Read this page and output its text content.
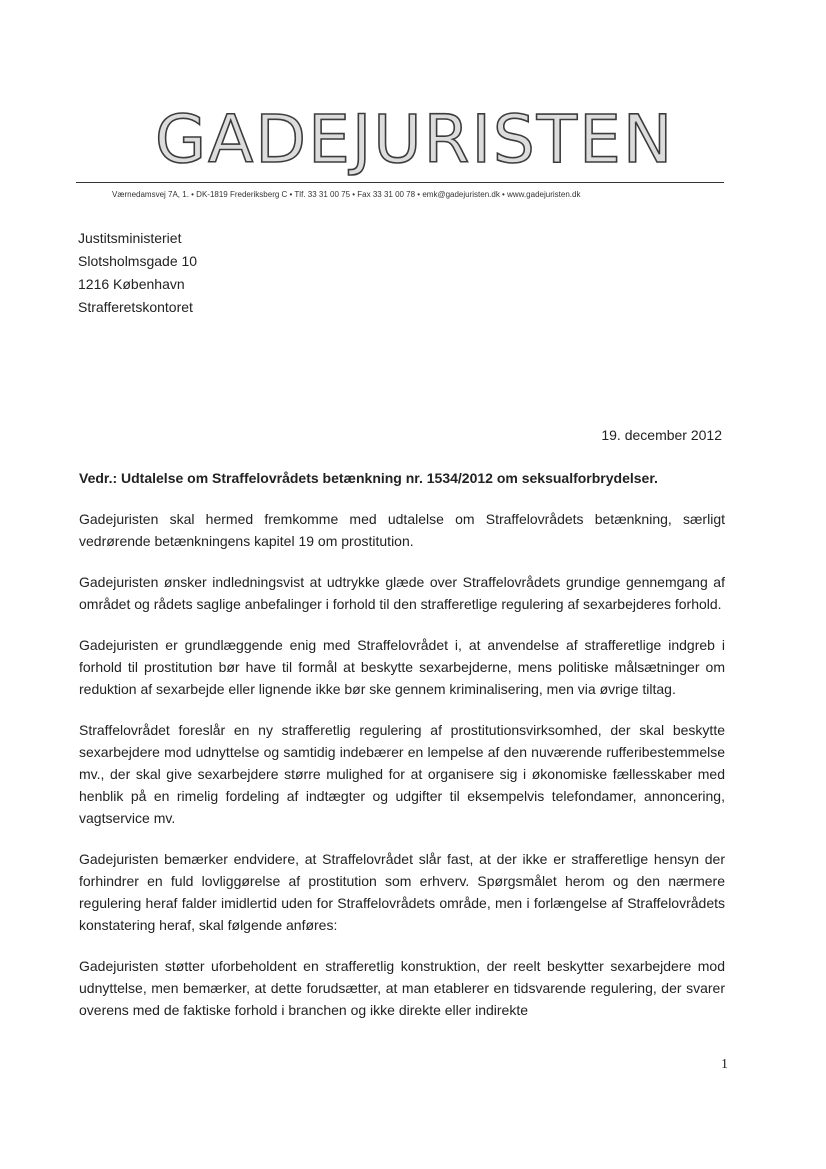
GADEJURISTEN
Værnedamsvej 7A, 1. • DK-1819 Frederiksberg C • Tlf. 33 31 00 75 • Fax 33 31 00 78 • emk@gadejuristen.dk • www.gadejuristen.dk
Justitsministeriet
Slotsholmsgade 10
1216 København
Strafferetskontoret
19. december 2012
Vedr.: Udtalelse om Straffelovrådets betænkning nr. 1534/2012 om seksualforbrydelser.

Gadejuristen skal hermed fremkomme med udtalelse om Straffelovrådets betænkning, særligt vedrørende betænkningens kapitel 19 om prostitution.

Gadejuristen ønsker indledningsvist at udtrykke glæde over Straffelovrådets grundige gennemgang af området og rådets saglige anbefalinger i forhold til den strafferetlige regulering af sexarbejderes forhold.

Gadejuristen er grundlæggende enig med Straffelovrådet i, at anvendelse af strafferetlige indgreb i forhold til prostitution bør have til formål at beskytte sexarbejderne, mens politiske målsætninger om reduktion af sexarbejde eller lignende ikke bør ske gennem kriminalisering, men via øvrige tiltag.

Straffelovrådet foreslår en ny strafferetlig regulering af prostitutionsvirksomhed, der skal beskytte sexarbejdere mod udnyttelse og samtidig indebærer en lempelse af den nuværende rufferibestemmelse mv., der skal give sexarbejdere større mulighed for at organisere sig i økonomiske fællesskaber med henblik på en rimelig fordeling af indtægter og udgifter til eksempelvis telefondamer, annoncering, vagtservice mv.

Gadejuristen bemærker endvidere, at Straffelovrådet slår fast, at der ikke er strafferetlige hensyn der forhindrer en fuld lovliggørelse af prostitution som erhverv. Spørgsmålet herom og den nærmere regulering heraf falder imidlertid uden for Straffelovrådets område, men i forlængelse af Straffelovrådets konstatering heraf, skal følgende anføres:

Gadejuristen støtter uforbeholdent en strafferetlig konstruktion, der reelt beskytter sexarbejdere mod udnyttelse, men bemærker, at dette forudsætter, at man etablerer en tidsvarende regulering, der svarer overens med de faktiske forhold i branchen og ikke direkte eller indirekte

1
